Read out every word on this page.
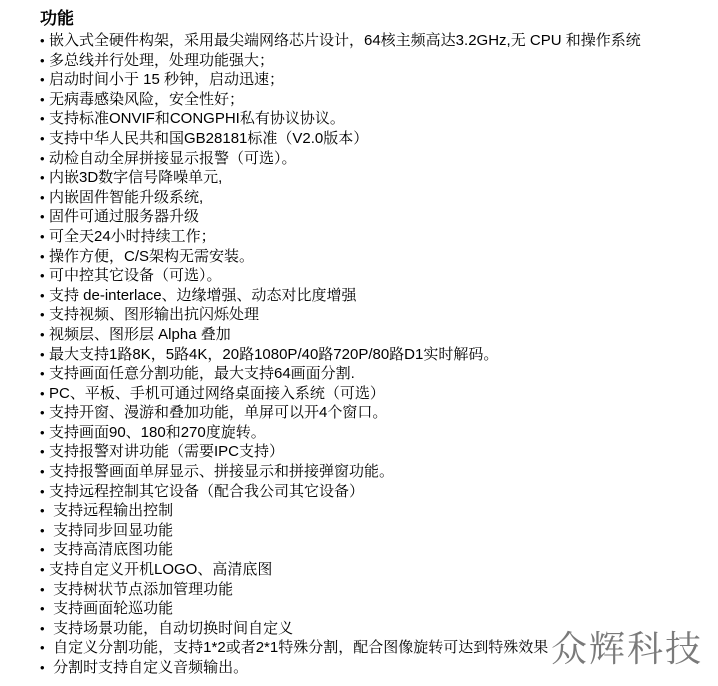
众辉科技
功能
• 嵌入式全硬件构架，采用最尖端网络芯片设计，64核主频高达3.2GHz,无 CPU 和操作系统
• 多总线并行处理，处理功能强大；
• 启动时间小于 15 秒钟，启动迅速；
• 无病毒感染风险，安全性好；
• 支持标准ONVIF和CONGPHI私有协议协议。
• 支持中华人民共和国GB28181标准（V2.0版本）
• 动检自动全屏拼接显示报警（可选）。
• 内嵌3D数字信号降噪单元,
• 内嵌固件智能升级系统,
• 固件可通过服务器升级
• 可全天24小时持续工作；
• 操作方便，C/S架构无需安装。
• 可中控其它设备（可选）。
• 支持 de-interlace、边缘增强、动态对比度增强
• 支持视频、图形输出抗闪烁处理
• 视频层、图形层 Alpha 叠加
• 最大支持1路8K，5路4K，20路1080P/40路720P/80路D1实时解码。
• 支持画面任意分割功能，最大支持64画面分割.
• PC、平板、手机可通过网络桌面接入系统（可选）
• 支持开窗、漫游和叠加功能，单屏可以开4个窗口。
• 支持画面90、180和270度旋转。
• 支持报警对讲功能（需要IPC支持）
• 支持报警画面单屏显示、拼接显示和拼接弹窗功能。
• 支持远程控制其它设备（配合我公司其它设备）
• 支持远程输出控制
• 支持同步回显功能
• 支持高清底图功能
• 支持自定义开机LOGO、高清底图
• 支持树状节点添加管理功能
• 支持画面轮巡功能
• 支持场景功能，自动切换时间自定义
• 自定义分割功能，支持1*2或者2*1特殊分割，配合图像旋转可达到特殊效果
• 分割时支持自定义音频输出。
